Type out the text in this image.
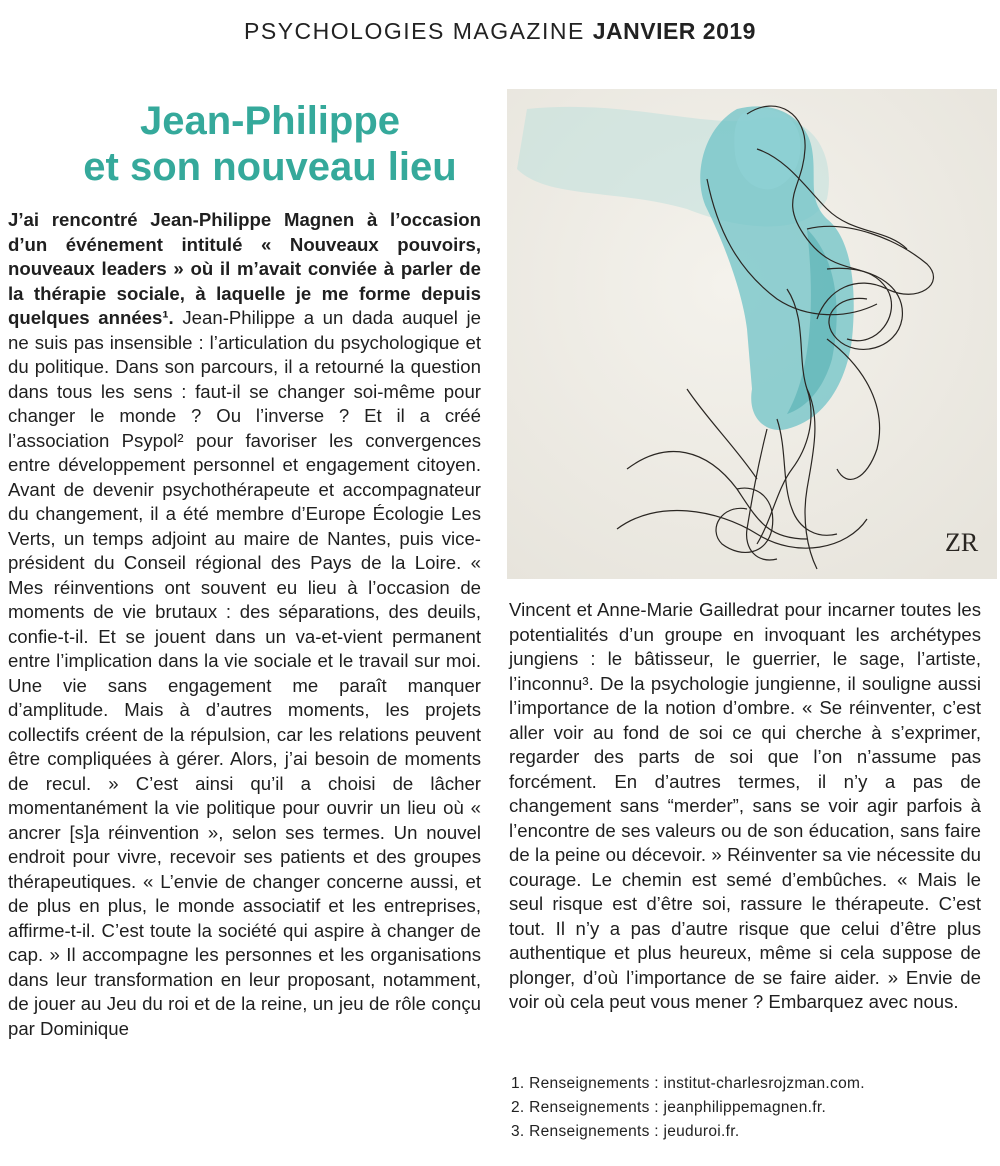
PSYCHOLOGIES MAGAZINE JANVIER 2019
Jean-Philippe
et son nouveau lieu

J’ai rencontré Jean-Philippe Magnen à l’occasion d’un événement intitulé « Nouveaux pouvoirs, nouveaux leaders » où il m’avait conviée à parler de la thérapie sociale, à laquelle je me forme depuis quelques années¹. Jean-Philippe a un dada auquel je ne suis pas insensible : l’articulation du psychologique et du politique. Dans son parcours, il a retourné la question dans tous les sens : faut-il se changer soi-même pour changer le monde ? Ou l’inverse ? Et il a créé l’association Psypol² pour favoriser les convergences entre développement personnel et engagement citoyen. Avant de devenir psychothérapeute et accompagnateur du changement, il a été membre d’Europe Écologie Les Verts, un temps adjoint au maire de Nantes, puis vice-président du Conseil régional des Pays de la Loire. « Mes réinventions ont souvent eu lieu à l’occasion de moments de vie brutaux : des séparations, des deuils, confie-t-il. Et se jouent dans un va-et-vient permanent entre l’implication dans la vie sociale et le travail sur moi. Une vie sans engagement me paraît manquer d’amplitude. Mais à d’autres moments, les projets collectifs créent de la répulsion, car les relations peuvent être compliquées à gérer. Alors, j’ai besoin de moments de recul. » C’est ainsi qu’il a choisi de lâcher momentanément la vie politique pour ouvrir un lieu où « ancrer [s]a réinvention », selon ses termes. Un nouvel endroit pour vivre, recevoir ses patients et des groupes thérapeutiques. « L’envie de changer concerne aussi, et de plus en plus, le monde associatif et les entreprises, affirme-t-il. C’est toute la société qui aspire à changer de cap. » Il accompagne les personnes et les organisations dans leur transformation en leur proposant, notamment, de jouer au Jeu du roi et de la reine, un jeu de rôle conçu par Dominique

ZR

Vincent et Anne-Marie Gailledrat pour incarner toutes les potentialités d’un groupe en invoquant les archétypes jungiens : le bâtisseur, le guerrier, le sage, l’artiste, l’inconnu³. De la psychologie jungienne, il souligne aussi l’importance de la notion d’ombre. « Se réinventer, c’est aller voir au fond de soi ce qui cherche à s’exprimer, regarder des parts de soi que l’on n’assume pas forcément. En d’autres termes, il n’y a pas de changement sans “merder”, sans se voir agir parfois à l’encontre de ses valeurs ou de son éducation, sans faire de la peine ou décevoir. » Réinventer sa vie nécessite du courage. Le chemin est semé d’embûches. « Mais le seul risque est d’être soi, rassure le thérapeute. C’est tout. Il n’y a pas d’autre risque que celui d’être plus authentique et plus heureux, même si cela suppose de plonger, d’où l’importance de se faire aider. » Envie de voir où cela peut vous mener ? Embarquez avec nous.

1. Renseignements : institut-charlesrojzman.com.
2. Renseignements : jeanphilippemagnen.fr.
3. Renseignements : jeuduroi.fr.
